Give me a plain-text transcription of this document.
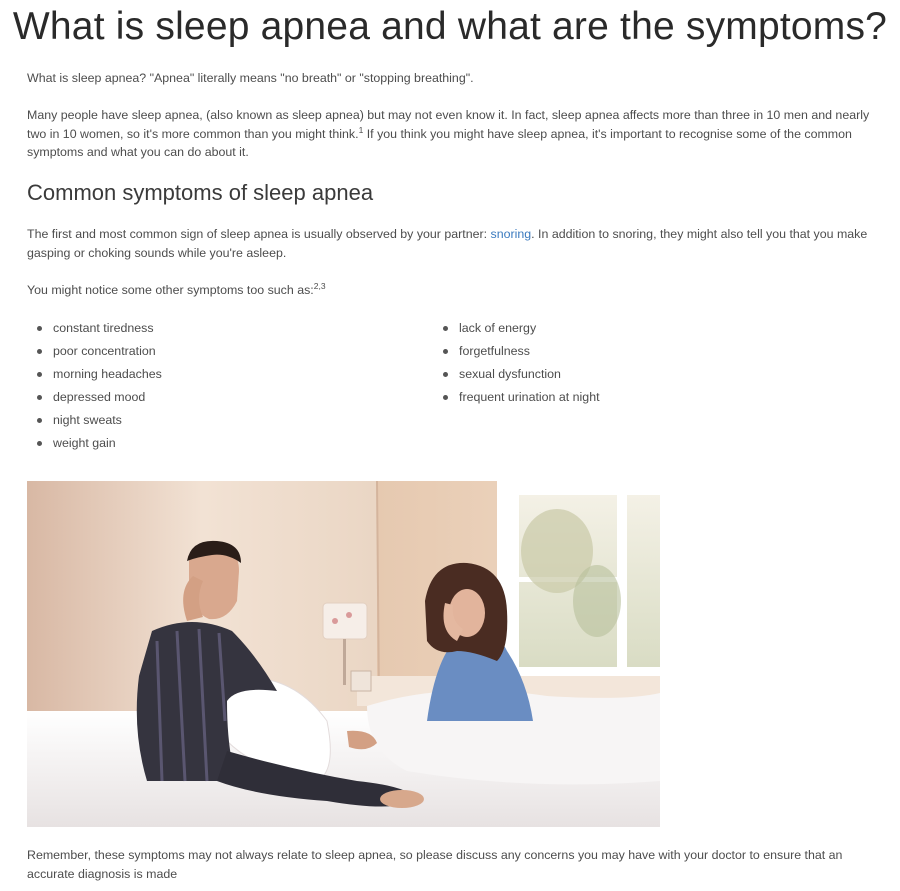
What is sleep apnea and what are the symptoms?

What is sleep apnea? "Apnea" literally means "no breath" or "stopping breathing".

Many people have sleep apnea, (also known as sleep apnea) but may not even know it. In fact, sleep apnea affects more than three in 10 men and nearly two in 10 women, so it's more common than you might think.$^1$ If you think you might have sleep apnea, it's important to recognise some of the common symptoms and what you can do about it.

Common symptoms of sleep apnea

The first and most common sign of sleep apnea is usually observed by your partner: snoring. In addition to snoring, they might also tell you that you make gasping or choking sounds while you're asleep.

You might notice some other symptoms too such as:$^{2,3}$

constant tiredness
poor concentration
morning headaches
depressed mood
night sweats
weight gain
lack of energy
forgetfulness
sexual dysfunction
frequent urination at night

Remember, these symptoms may not always relate to sleep apnea, so please discuss any concerns you may have with your doctor to ensure that an accurate diagnosis is made
